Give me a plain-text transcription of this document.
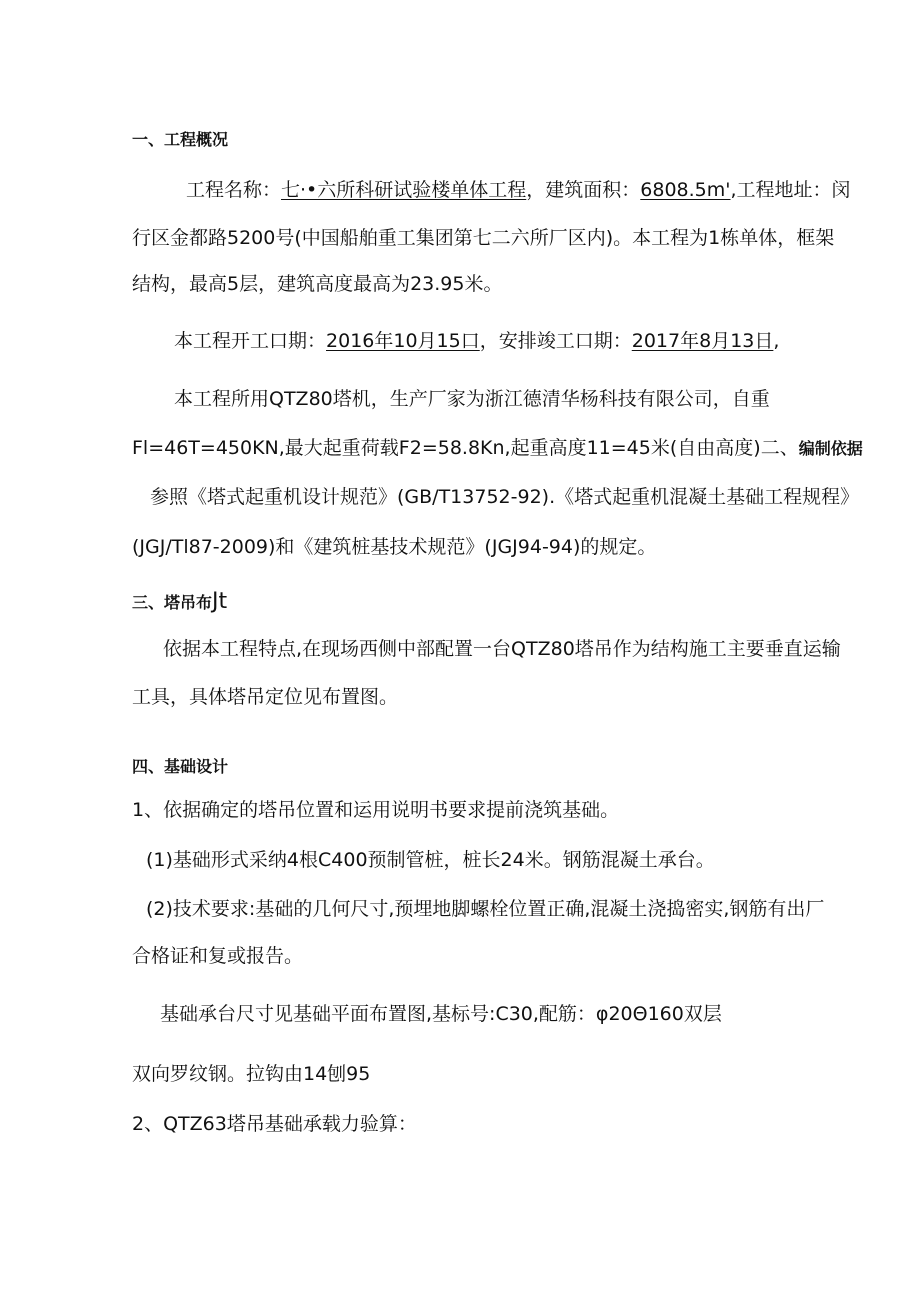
一、工程概况
工程名称：七·•六所科研试验楼单体工程，建筑面积：6808.5m',工程地址：闵
行区金都路5200号(中国船舶重工集团第七二六所厂区内)。本工程为1栋单体，框架
结构，最高5层，建筑高度最高为23.95米。
本工程开工口期：2016年10月15口，安排竣工口期：2017年8月13日,
本工程所用QTZ80塔机，生产厂家为浙江德清华杨科技有限公司，自重
Fl=46T=450KN,最大起重荷载F2=58.8Kn,起重高度11=45米(自由高度)二、编制依据
参照《塔式起重机设计规范》(GB/T13752-92).《塔式起重机混凝土基础工程规程》
(JGJ/Tl87-2009)和《建筑桩基技术规范》(JGJ94-94)的规定。
三、塔吊布Jt
依据本工程特点,在现场西侧中部配置一台QTZ80塔吊作为结构施工主要垂直运输
工具，具体塔吊定位见布置图。
四、基础设计
1、依据确定的塔吊位置和运用说明书要求提前浇筑基础。
(1)基础形式采纳4根C400预制管桩，桩长24米。钢筋混凝土承台。
(2)技术要求:基础的几何尺寸,预埋地脚螺栓位置正确,混凝土浇捣密实,钢筋有出厂
合格证和复或报告。
基础承台尺寸见基础平面布置图,基标号:C30,配筋：φ20Θ160双层
双向罗纹钢。拉钩由14刨95
2、QTZ63塔吊基础承载力验算：
